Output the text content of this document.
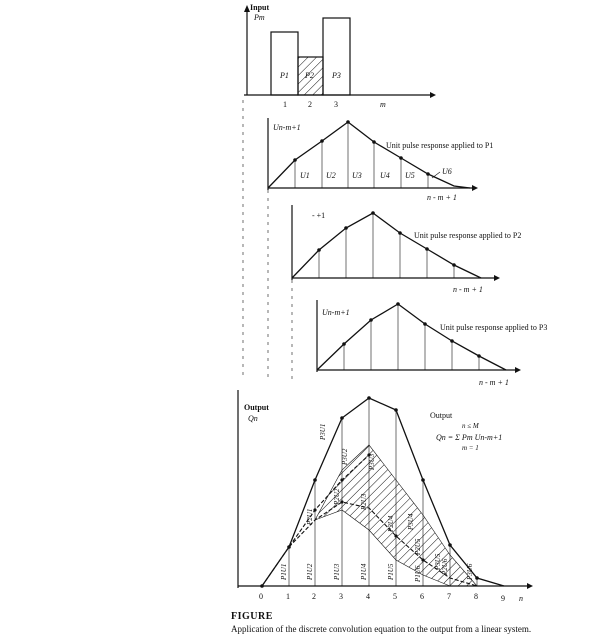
Input
Pm
P1 P2 P3
1	2	3	m
Un-m+1
U1 U2 U3 U4 U5	U6
Unit pulse response applied to P1
n - m + 1
- +1
Unit pulse response applied to P2
n - m + 1
Un-m+1
Unit pulse response applied to P3
n - m + 1
Output
Qn
P1U1	P1U2	P1U3	P1U4	P1U5	P1U6
P2U1
P2U2	P2U3
P2U4
P2U5
P2U6
P3U1
P3U2	P3U3
P3U4
P3U5
P3U6
Output
n ≤ M
Qn = Σ Pm Un-m+1
m = 1
0	1	2	3	4	5	6	7	8	9 n
FIGURE
Application of the discrete convolution equation to the output from a linear system.
